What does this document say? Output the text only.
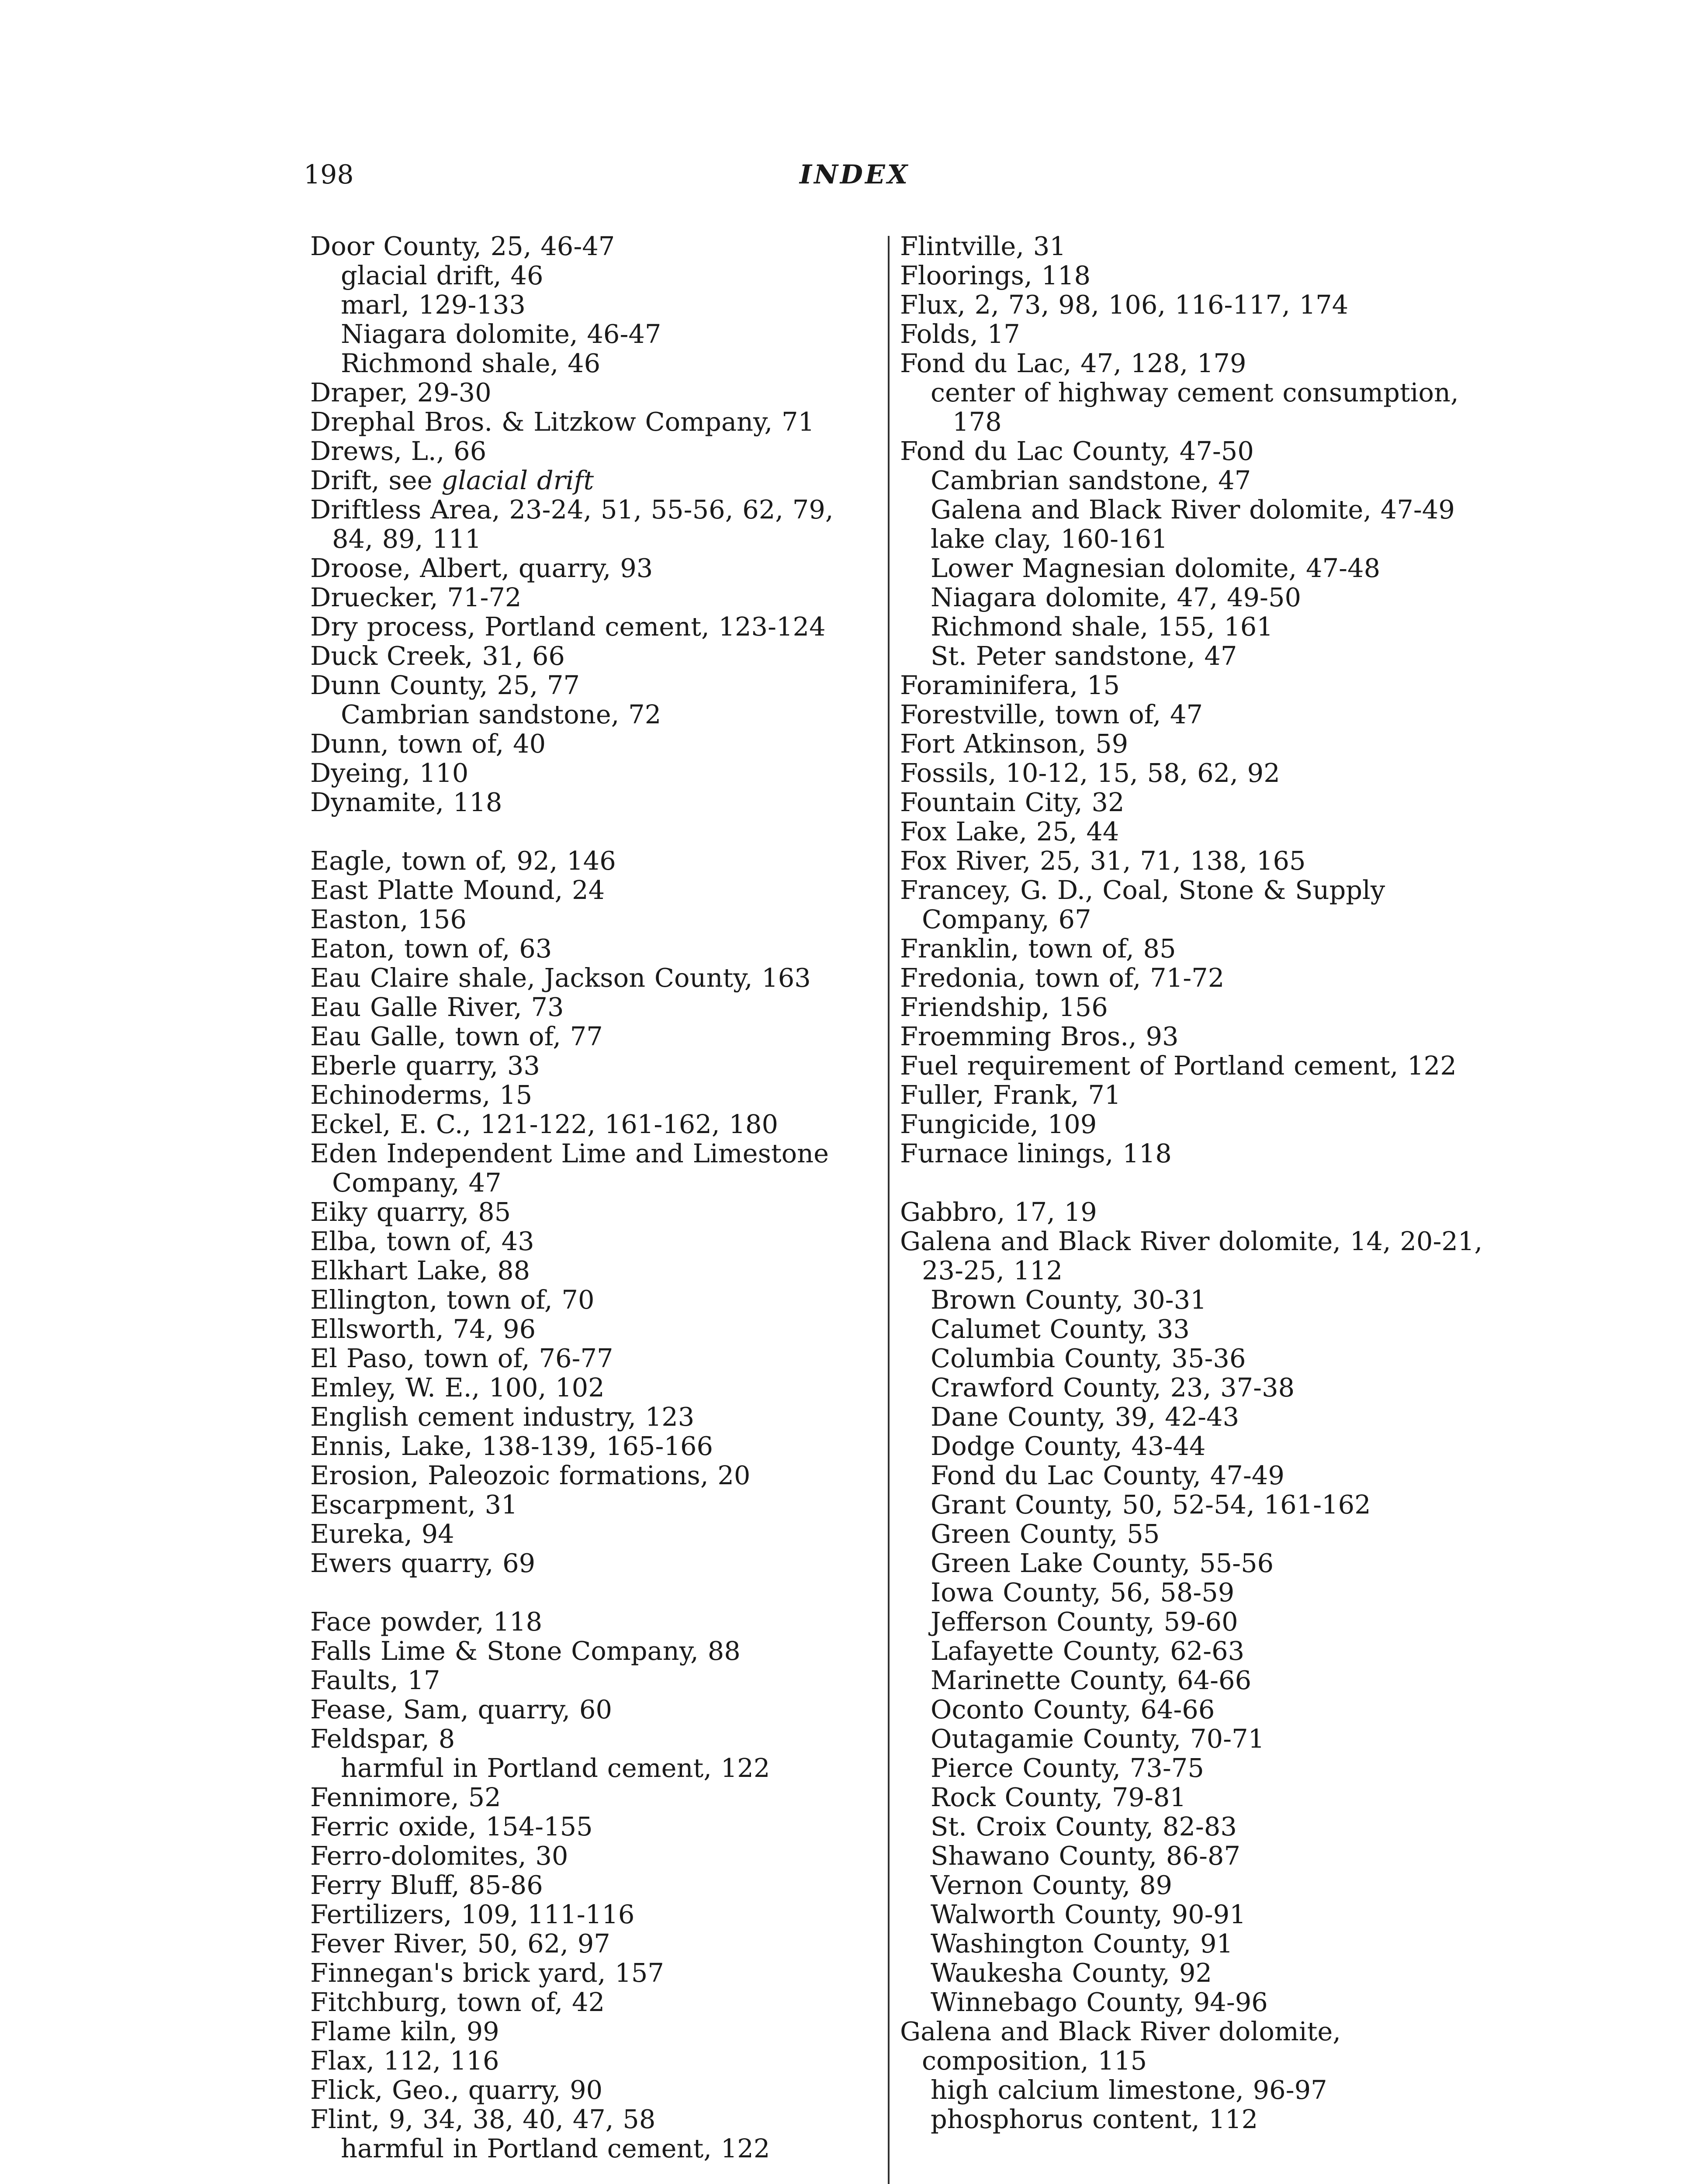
198	INDEX
Door County, 25, 46-47
glacial drift, 46
marl, 129-133
Niagara dolomite, 46-47
Richmond shale, 46
Draper, 29-30
Drephal Bros. & Litzkow Company, 71
Drews, L., 66
Drift, see glacial drift
Driftless Area, 23-24, 51, 55-56, 62, 79, 84, 89, 111
Droose, Albert, quarry, 93
Druecker, 71-72
Dry process, Portland cement, 123-124
Duck Creek, 31, 66
Dunn County, 25, 77
Cambrian sandstone, 72
Dunn, town of, 40
Dyeing, 110
Dynamite, 118
Eagle, town of, 92, 146
East Platte Mound, 24
Easton, 156
Eaton, town of, 63
Eau Claire shale, Jackson County, 163
Eau Galle River, 73
Eau Galle, town of, 77
Eberle quarry, 33
Echinoderms, 15
Eckel, E. C., 121-122, 161-162, 180
Eden Independent Lime and Limestone Company, 47
Eiky quarry, 85
Elba, town of, 43
Elkhart Lake, 88
Ellington, town of, 70
Ellsworth, 74, 96
El Paso, town of, 76-77
Emley, W. E., 100, 102
English cement industry, 123
Ennis, Lake, 138-139, 165-166
Erosion, Paleozoic formations, 20
Escarpment, 31
Eureka, 94
Ewers quarry, 69
Face powder, 118
Falls Lime & Stone Company, 88
Faults, 17
Fease, Sam, quarry, 60
Feldspar, 8
harmful in Portland cement, 122
Fennimore, 52
Ferric oxide, 154-155
Ferro-dolomites, 30
Ferry Bluff, 85-86
Fertilizers, 109, 111-116
Fever River, 50, 62, 97
Finnegan's brick yard, 157
Fitchburg, town of, 42
Flame kiln, 99
Flax, 112, 116
Flick, Geo., quarry, 90
Flint, 9, 34, 38, 40, 47, 58
harmful in Portland cement, 122
Flintville, 31
Floorings, 118
Flux, 2, 73, 98, 106, 116-117, 174
Folds, 17
Fond du Lac, 47, 128, 179
center of highway cement consumption, 178
Fond du Lac County, 47-50
Cambrian sandstone, 47
Galena and Black River dolomite, 47-49
lake clay, 160-161
Lower Magnesian dolomite, 47-48
Niagara dolomite, 47, 49-50
Richmond shale, 155, 161
St. Peter sandstone, 47
Foraminifera, 15
Forestville, town of, 47
Fort Atkinson, 59
Fossils, 10-12, 15, 58, 62, 92
Fountain City, 32
Fox Lake, 25, 44
Fox River, 25, 31, 71, 138, 165
Francey, G. D., Coal, Stone & Supply Company, 67
Franklin, town of, 85
Fredonia, town of, 71-72
Friendship, 156
Froemming Bros., 93
Fuel requirement of Portland cement, 122
Fuller, Frank, 71
Fungicide, 109
Furnace linings, 118
Gabbro, 17, 19
Galena and Black River dolomite, 14, 20-21, 23-25, 112
Brown County, 30-31
Calumet County, 33
Columbia County, 35-36
Crawford County, 23, 37-38
Dane County, 39, 42-43
Dodge County, 43-44
Fond du Lac County, 47-49
Grant County, 50, 52-54, 161-162
Green County, 55
Green Lake County, 55-56
Iowa County, 56, 58-59
Jefferson County, 59-60
Lafayette County, 62-63
Marinette County, 64-66
Oconto County, 64-66
Outagamie County, 70-71
Pierce County, 73-75
Rock County, 79-81
St. Croix County, 82-83
Shawano County, 86-87
Vernon County, 89
Walworth County, 90-91
Washington County, 91
Waukesha County, 92
Winnebago County, 94-96
Galena and Black River dolomite, composition, 115
high calcium limestone, 96-97
phosphorus content, 112
